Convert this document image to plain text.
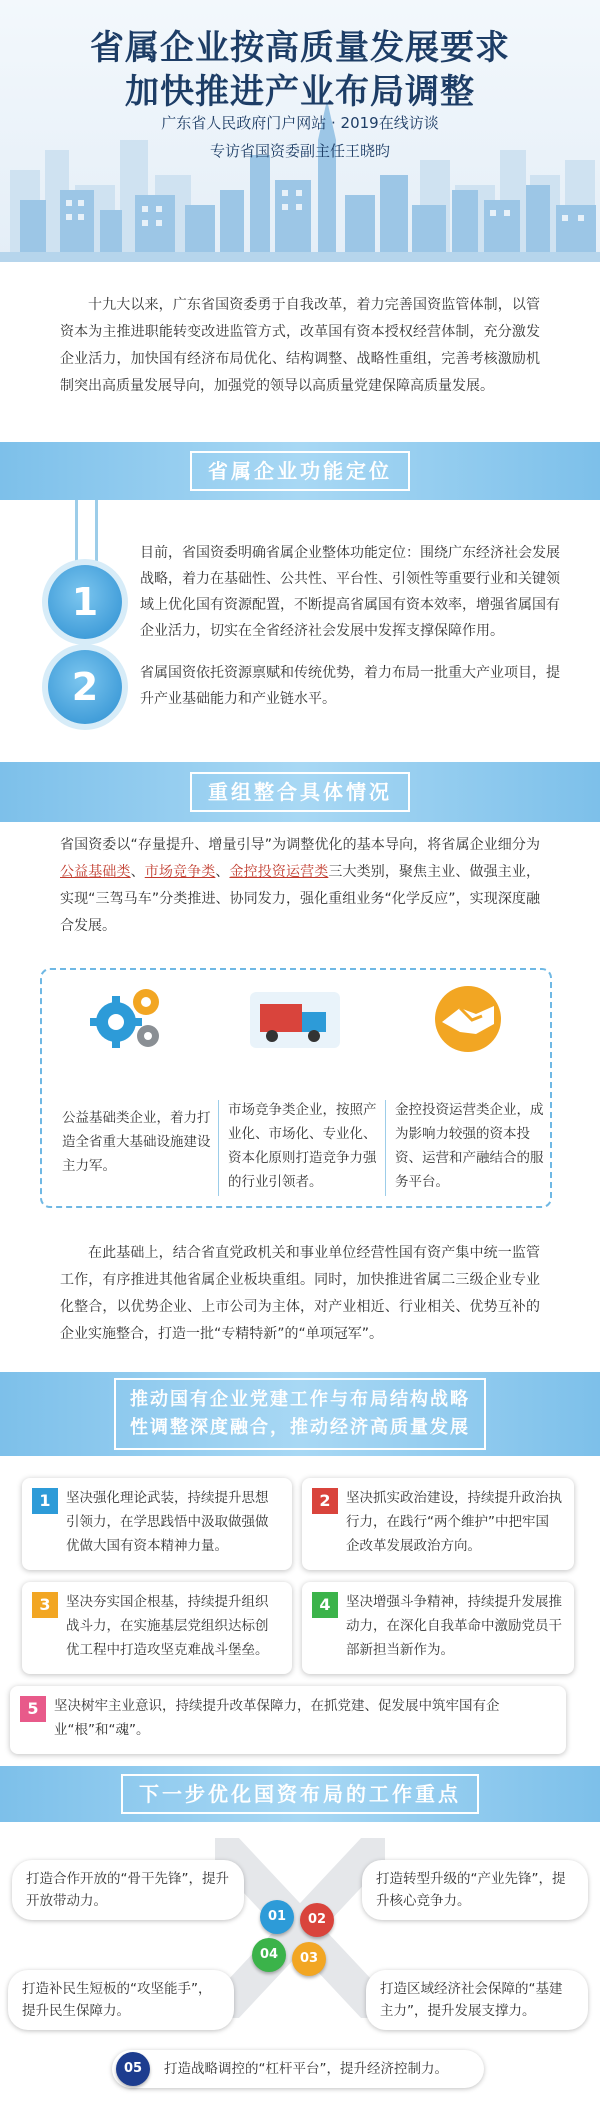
省属企业按高质量发展要求
加快推进产业布局调整
广东省人民政府门户网站 · 2019在线访谈
专访省国资委副主任王晓昀
十九大以来，广东省国资委勇于自我改革，着力完善国资监管体制，以管资本为主推进职能转变改进监管方式，改革国有资本授权经营体制，充分激发企业活力，加快国有经济布局优化、结构调整、战略性重组，完善考核激励机制突出高质量发展导向，加强党的领导以高质量党建保障高质量发展。
省属企业功能定位
1
2
目前，省国资委明确省属企业整体功能定位：围绕广东经济社会发展战略，着力在基础性、公共性、平台性、引领性等重要行业和关键领域上优化国有资源配置，不断提高省属国有资本效率，增强省属国有企业活力，切实在全省经济社会发展中发挥支撑保障作用。
省属国资依托资源禀赋和传统优势，着力布局一批重大产业项目，提升产业基础能力和产业链水平。
重组整合具体情况
省国资委以“存量提升、增量引导”为调整优化的基本导向，将省属企业细分为公益基础类、市场竞争类、金控投资运营类三大类别，聚焦主业、做强主业，实现“三驾马车”分类推进、协同发力，强化重组业务“化学反应”，实现深度融合发展。
公益基础类企业，着力打造全省重大基础设施建设主力军。
市场竞争类企业，按照产业化、市场化、专业化、资本化原则打造竞争力强的行业引领者。
金控投资运营类企业，成为影响力较强的资本投资、运营和产融结合的服务平台。
在此基础上，结合省直党政机关和事业单位经营性国有资产集中统一监管工作，有序推进其他省属企业板块重组。同时，加快推进省属二三级企业专业化整合，以优势企业、上市公司为主体，对产业相近、行业相关、优势互补的企业实施整合，打造一批“专精特新”的“单项冠军”。
推动国有企业党建工作与布局结构战略
性调整深度融合，推动经济高质量发展
1	坚决强化理论武装，持续提升思想引领力，在学思践悟中汲取做强做优做大国有资本精神力量。
2	坚决抓实政治建设，持续提升政治执行力，在践行“两个维护”中把牢国企改革发展政治方向。
3	坚决夯实国企根基，持续提升组织战斗力，在实施基层党组织达标创优工程中打造攻坚克难战斗堡垒。
4	坚决增强斗争精神，持续提升发展推动力，在深化自我革命中激励党员干部新担当新作为。
5	坚决树牢主业意识，持续提升改革保障力，在抓党建、促发展中筑牢国有企业“根”和“魂”。
下一步优化国资布局的工作重点
01	02
04	03
打造合作开放的“骨干先锋”，提升开放带动力。
打造转型升级的“产业先锋”，提升核心竞争力。
打造补民生短板的“攻坚能手”，提升民生保障力。
打造区域经济社会保障的“基建主力”，提升发展支撑力。
05	打造战略调控的“杠杆平台”，提升经济控制力。
